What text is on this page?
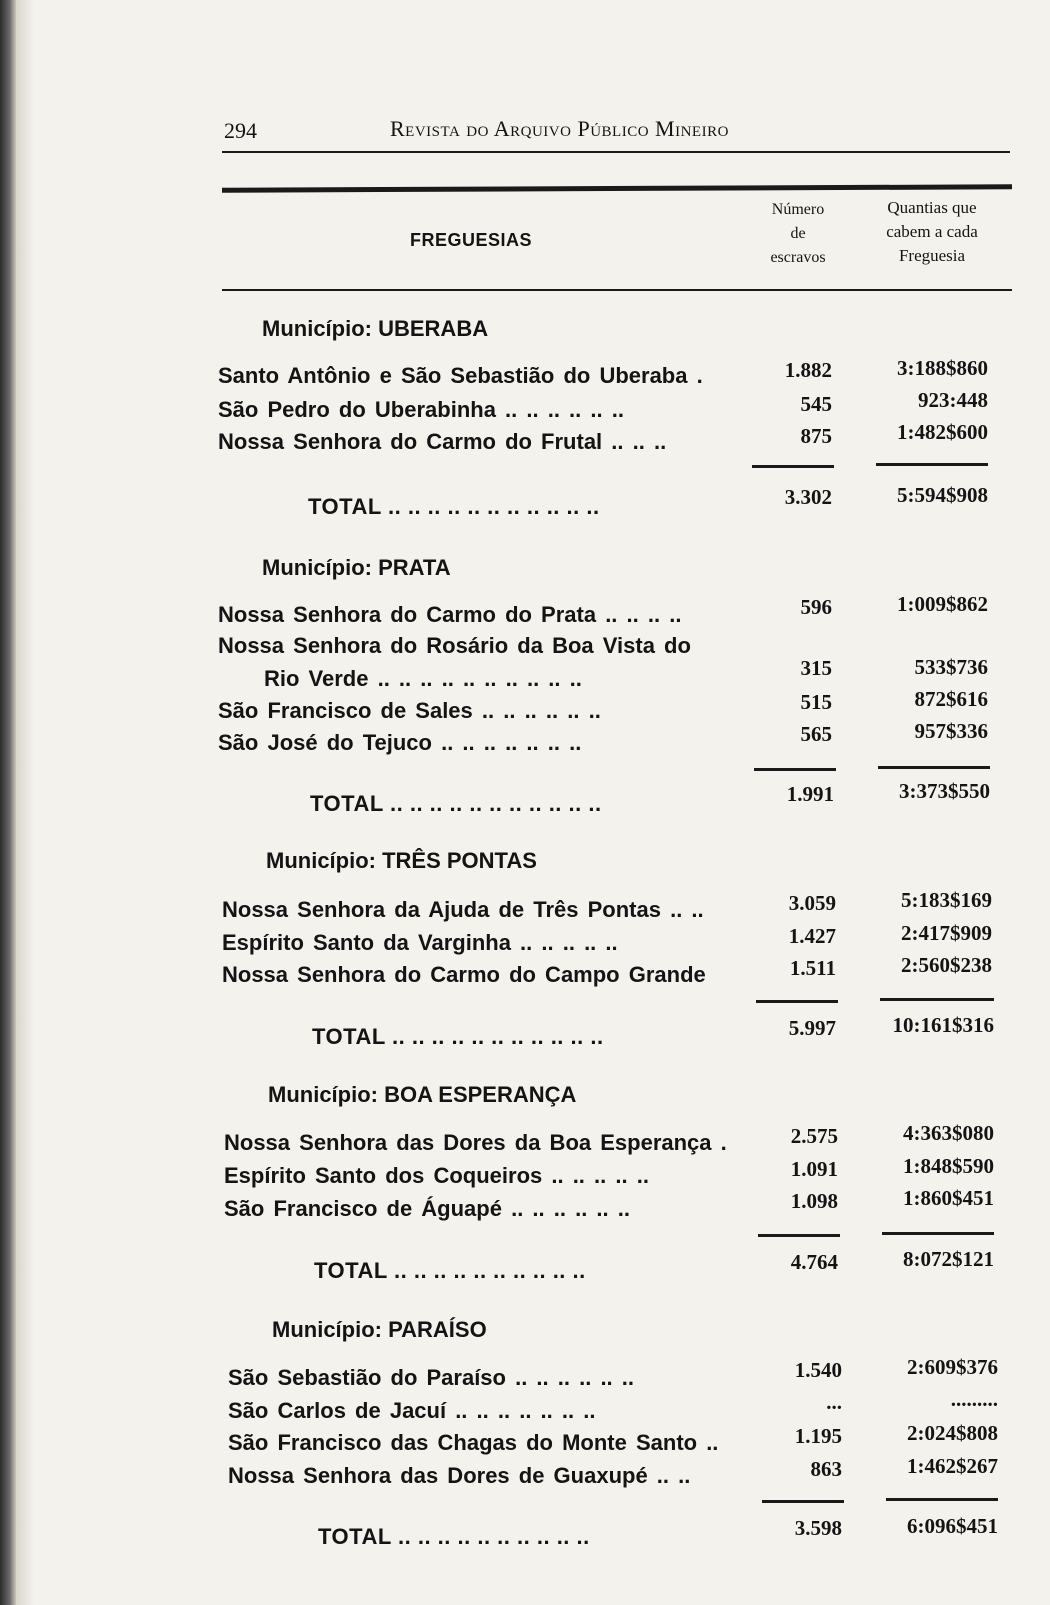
294	Revista do Arquivo Público Mineiro
FREGUESIAS
Número
de
escravos
Quantias que
cabem a cada
Freguesia
Município: UBERABA
Santo Antônio e São Sebastião do Uberaba .	1.882	3:188$860
São Pedro do Uberabinha .. .. .. .. .. ..	545	923:448
Nossa Senhora do Carmo do Frutal .. .. ..	875	1:482$600
TOTAL .. .. .. .. .. .. .. .. .. .. ..	3.302	5:594$908
Município: PRATA
Nossa Senhora do Carmo do Prata .. .. .. ..	596	1:009$862
Nossa Senhora do Rosário da Boa Vista do
Rio Verde .. .. .. .. .. .. .. .. .. ..	315	533$736
São Francisco de Sales .. .. .. .. .. ..	515	872$616
São José do Tejuco .. .. .. .. .. .. ..	565	957$336
TOTAL .. .. .. .. .. .. .. .. .. .. ..	1.991	3:373$550
Município: TRÊS PONTAS
Nossa Senhora da Ajuda de Três Pontas .. ..	3.059	5:183$169
Espírito Santo da Varginha .. .. .. .. ..	1.427	2:417$909
Nossa Senhora do Carmo do Campo Grande	1.511	2:560$238
TOTAL .. .. .. .. .. .. .. .. .. .. ..	5.997	10:161$316
Município: BOA ESPERANÇA
Nossa Senhora das Dores da Boa Esperança .	2.575	4:363$080
Espírito Santo dos Coqueiros .. .. .. .. ..	1.091	1:848$590
São Francisco de Águapé .. .. .. .. .. ..	1.098	1:860$451
TOTAL .. .. .. .. .. .. .. .. .. ..	4.764	8:072$121
Município: PARAÍSO
São Sebastião do Paraíso .. .. .. .. .. ..	1.540	2:609$376
São Carlos de Jacuí .. .. .. .. .. .. ..	...	.........
São Francisco das Chagas do Monte Santo ..	1.195	2:024$808
Nossa Senhora das Dores de Guaxupé .. ..	863	1:462$267
TOTAL .. .. .. .. .. .. .. .. .. ..	3.598	6:096$451
